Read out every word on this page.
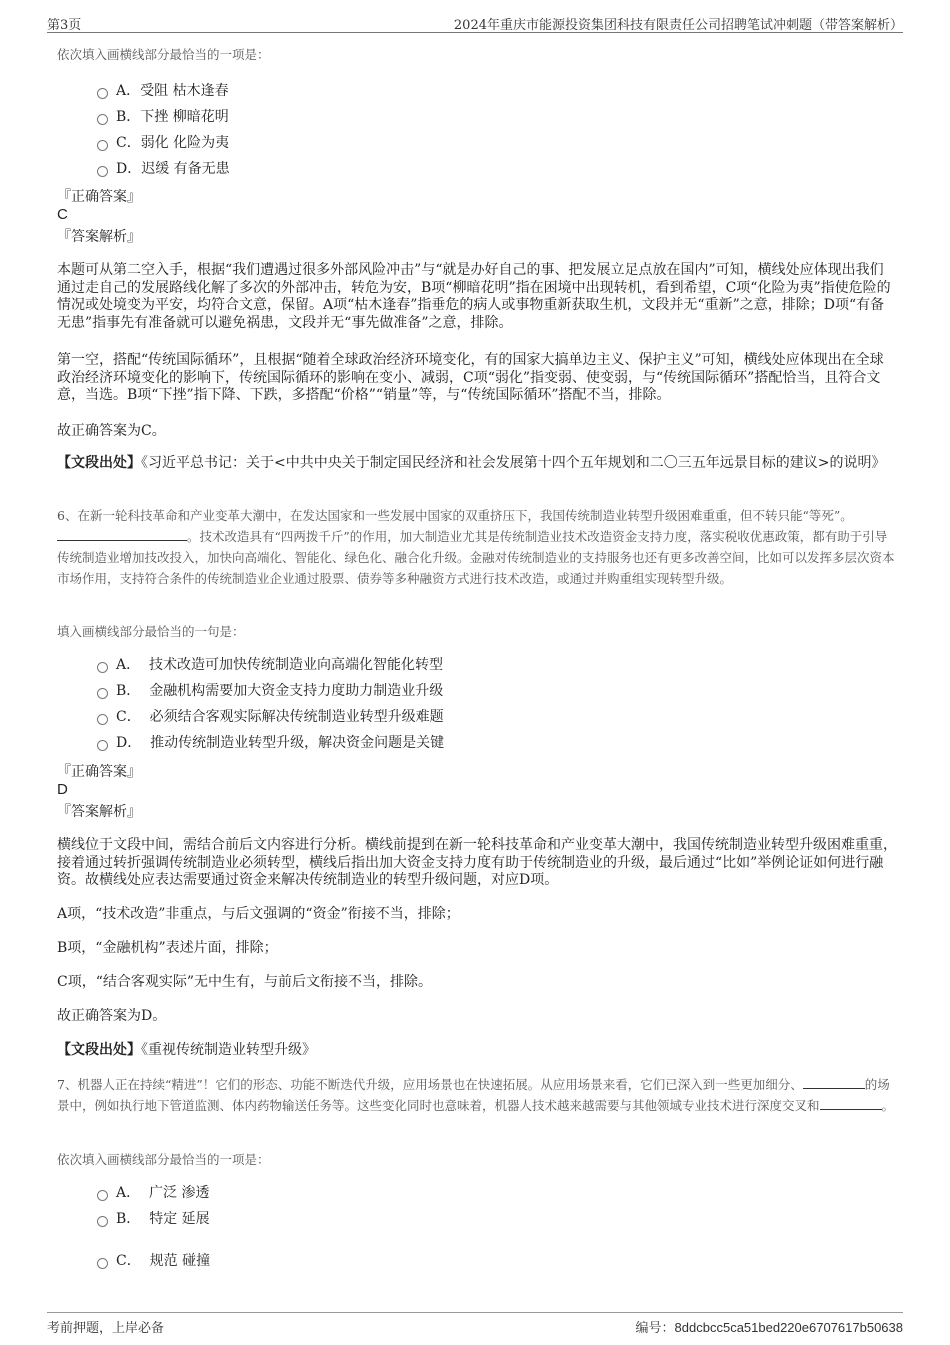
第3页	2024年重庆市能源投资集团科技有限责任公司招聘笔试冲刺题（带答案解析）
依次填入画横线部分最恰当的一项是：
A．受阻 枯木逢春
B．下挫 柳暗花明
C．弱化 化险为夷
D．迟缓 有备无患
『正确答案』
C
『答案解析』
本题可从第二空入手，根据“我们遭遇过很多外部风险冲击”与“就是办好自己的事、把发展立足点放在国内”可知，横线处应体现出我们通过走自己的发展路线化解了多次的外部冲击，转危为安，B项“柳暗花明”指在困境中出现转机，看到希望，C项“化险为夷”指使危险的情况或处境变为平安，均符合文意，保留。A项“枯木逢春”指垂危的病人或事物重新获取生机，文段并无“重新”之意，排除；D项“有备无患”指事先有准备就可以避免祸患，文段并无“事先做准备”之意，排除。
第一空，搭配“传统国际循环”，且根据“随着全球政治经济环境变化，有的国家大搞单边主义、保护主义”可知，横线处应体现出在全球政治经济环境变化的影响下，传统国际循环的影响在变小、减弱，C项“弱化”指变弱、使变弱，与“传统国际循环”搭配恰当，且符合文意，当选。B项“下挫”指下降、下跌，多搭配“价格”“销量”等，与“传统国际循环”搭配不当，排除。
故正确答案为C。
【文段出处】《习近平总书记：关于<中共中央关于制定国民经济和社会发展第十四个五年规划和二〇三五年远景目标的建议>的说明》
6、在新一轮科技革命和产业变革大潮中，在发达国家和一些发展中国家的双重挤压下，我国传统制造业转型升级困难重重，但不转只能“等死”。。技术改造具有“四两拨千斤”的作用，加大制造业尤其是传统制造业技术改造资金支持力度，落实税收优惠政策，都有助于引导传统制造业增加技改投入，加快向高端化、智能化、绿色化、融合化升级。金融对传统制造业的支持服务也还有更多改善空间，比如可以发挥多层次资本市场作用，支持符合条件的传统制造业企业通过股票、债券等多种融资方式进行技术改造，或通过并购重组实现转型升级。
填入画横线部分最恰当的一句是：
A． 技术改造可加快传统制造业向高端化智能化转型
B． 金融机构需要加大资金支持力度助力制造业升级
C． 必须结合客观实际解决传统制造业转型升级难题
D． 推动传统制造业转型升级，解决资金问题是关键
『正确答案』
D
『答案解析』
横线位于文段中间，需结合前后文内容进行分析。横线前提到在新一轮科技革命和产业变革大潮中，我国传统制造业转型升级困难重重，接着通过转折强调传统制造业必须转型，横线后指出加大资金支持力度有助于传统制造业的升级，最后通过“比如”举例论证如何进行融资。故横线处应表达需要通过资金来解决传统制造业的转型升级问题，对应D项。
A项，“技术改造”非重点，与后文强调的“资金”衔接不当，排除；
B项，“金融机构”表述片面，排除；
C项，“结合客观实际”无中生有，与前后文衔接不当，排除。
故正确答案为D。
【文段出处】《重视传统制造业转型升级》
7、机器人正在持续“精进”！它们的形态、功能不断迭代升级，应用场景也在快速拓展。从应用场景来看，它们已深入到一些更加细分、	的场景中，例如执行地下管道监测、体内药物输送任务等。这些变化同时也意味着，机器人技术越来越需要与其他领域专业技术进行深度交叉和	。
依次填入画横线部分最恰当的一项是：
A． 广泛 渗透
B． 特定 延展
C． 规范 碰撞
考前押题，上岸必备	编号：8ddcbcc5ca51bed220e6707617b50638
